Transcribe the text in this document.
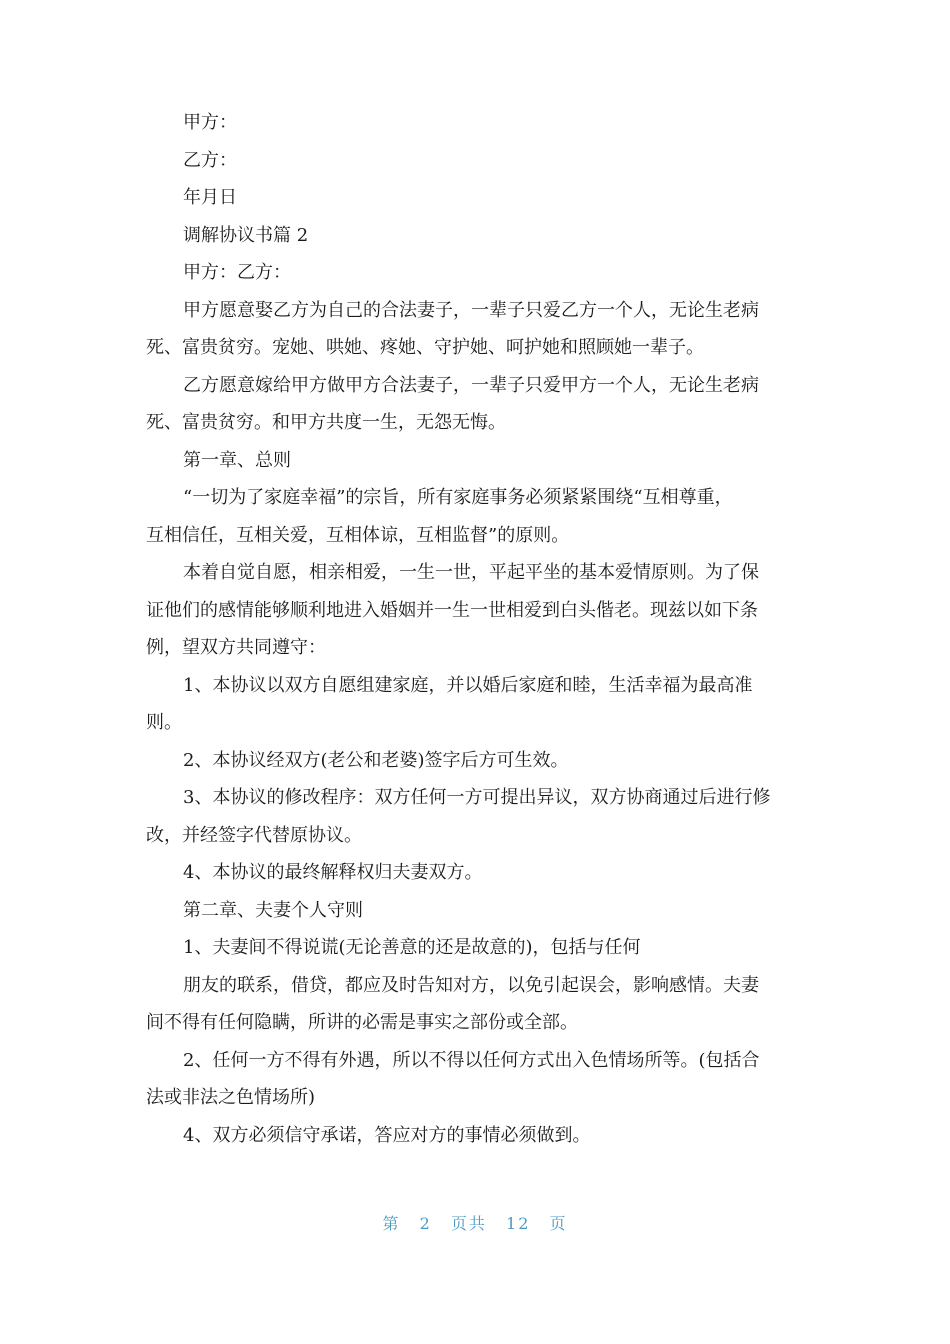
甲方：

乙方：

年月日

调解协议书篇 2

甲方：乙方：

甲方愿意娶乙方为自己的合法妻子，一辈子只爱乙方一个人，无论生老病

死、富贵贫穷。宠她、哄她、疼她、守护她、呵护她和照顾她一辈子。

乙方愿意嫁给甲方做甲方合法妻子，一辈子只爱甲方一个人，无论生老病

死、富贵贫穷。和甲方共度一生，无怨无悔。

第一章、总则

“一切为了家庭幸福”的宗旨，所有家庭事务必须紧紧围绕“互相尊重，

互相信任，互相关爱，互相体谅，互相监督”的原则。

本着自觉自愿，相亲相爱，一生一世，平起平坐的基本爱情原则。为了保

证他们的感情能够顺利地进入婚姻并一生一世相爱到白头偕老。现兹以如下条

例，望双方共同遵守：

1、本协议以双方自愿组建家庭，并以婚后家庭和睦，生活幸福为最高准

则。

2、本协议经双方(老公和老婆)签字后方可生效。

3、本协议的修改程序：双方任何一方可提出异议，双方协商通过后进行修

改，并经签字代替原协议。

4、本协议的最终解释权归夫妻双方。

第二章、夫妻个人守则

1、夫妻间不得说谎(无论善意的还是故意的)，包括与任何

朋友的联系，借贷，都应及时告知对方，以免引起误会，影响感情。夫妻

间不得有任何隐瞒，所讲的必需是事实之部份或全部。

2、任何一方不得有外遇，所以不得以任何方式出入色情场所等。(包括合

法或非法之色情场所)

4、双方必须信守承诺，答应对方的事情必须做到。

第 2 页共 12 页
